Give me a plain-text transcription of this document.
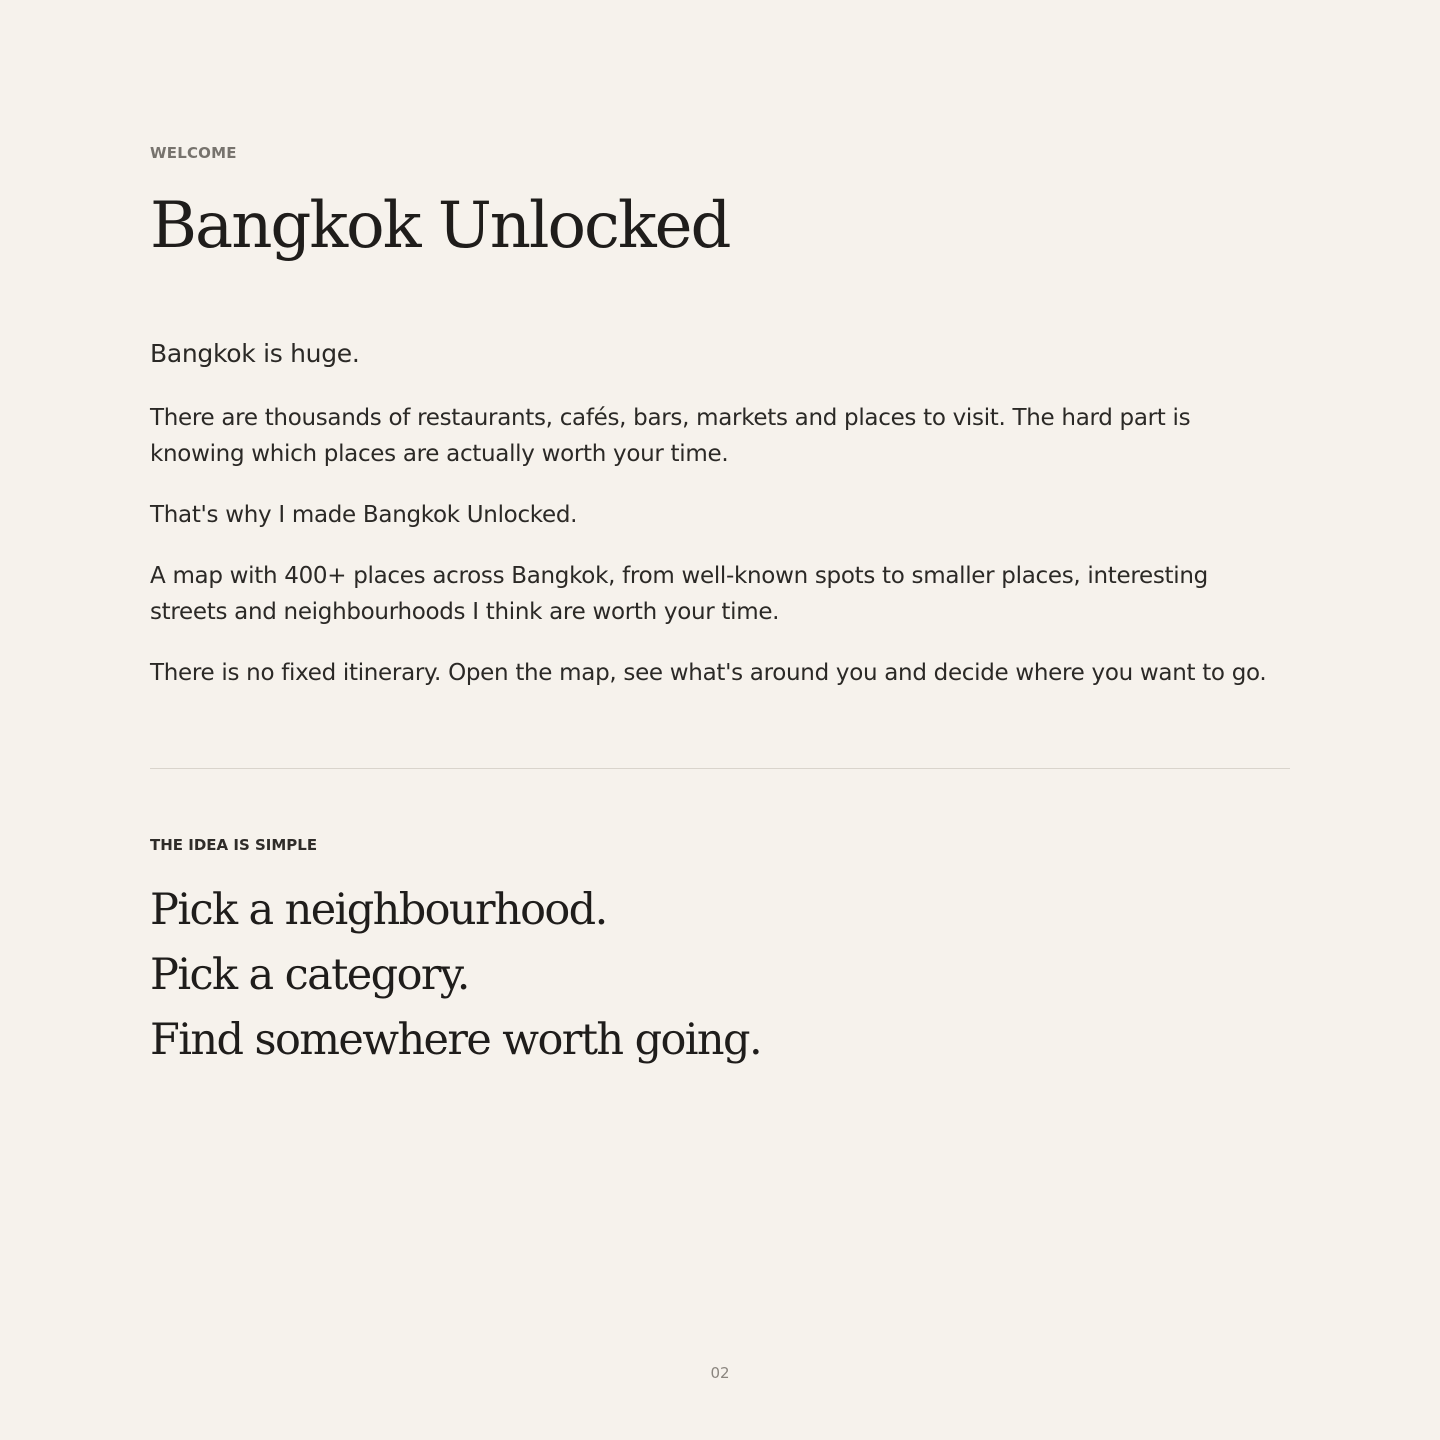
WELCOME
Bangkok Unlocked

Bangkok is huge.

There are thousands of restaurants, cafés, bars, markets and places to visit. The hard part is knowing which places are actually worth your time.

That's why I made Bangkok Unlocked.

A map with 400+ places across Bangkok, from well-known spots to smaller places, interesting streets and neighbourhoods I think are worth your time.

There is no fixed itinerary. Open the map, see what's around you and decide where you want to go.

THE IDEA IS SIMPLE
Pick a neighbourhood.
Pick a category.
Find somewhere worth going.
02
